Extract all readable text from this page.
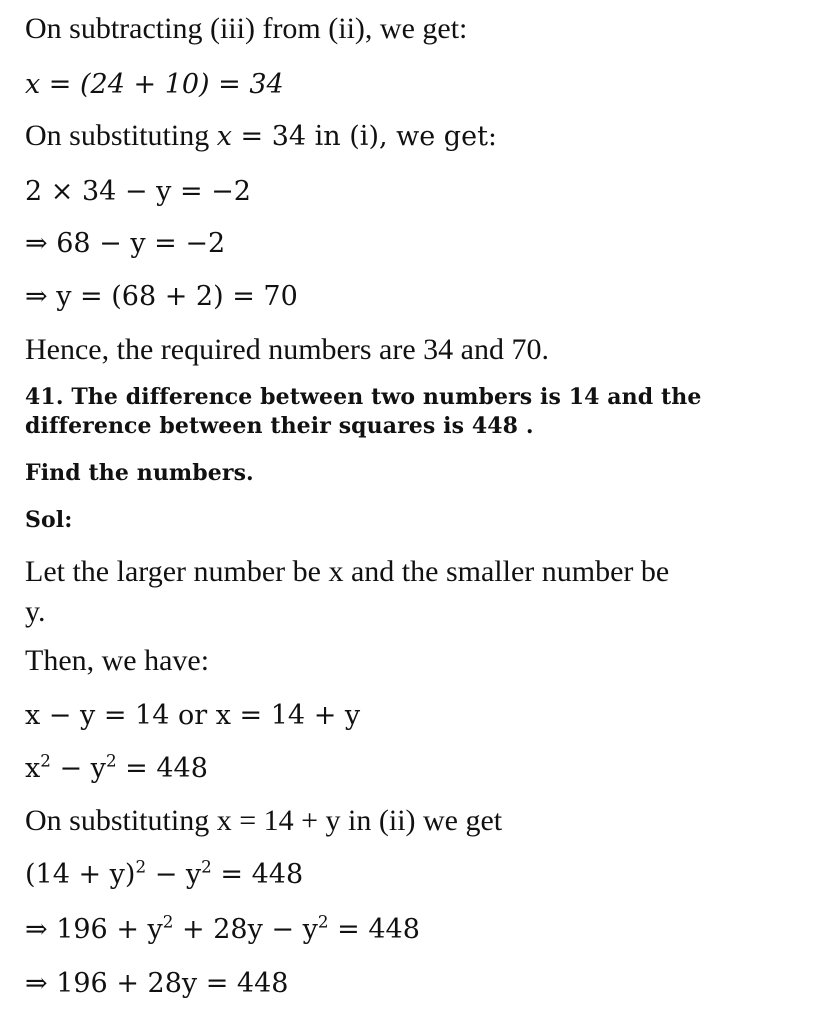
On subtracting (iii) from (ii), we get:
x = (24 + 10) = 34
On substituting x = 34 in (i), we get:
2 × 34 − y = −2
⇒ 68 − y = −2
⇒ y = (68 + 2) = 70
Hence, the required numbers are 34 and 70.
41. The difference between two numbers is 14 and the
difference between their squares is 448 .
Find the numbers.
Sol:
Let the larger number be x and the smaller number be
y.
Then, we have:
x − y = 14 or x = 14 + y
$x^2 - y^2 = 448$
On substituting x = 14 + y in (ii) we get
$(14 + y)^2 - y^2 = 448$
⇒ $196 + y^2 + 28y - y^2 = 448$
⇒ 196 + 28y = 448
